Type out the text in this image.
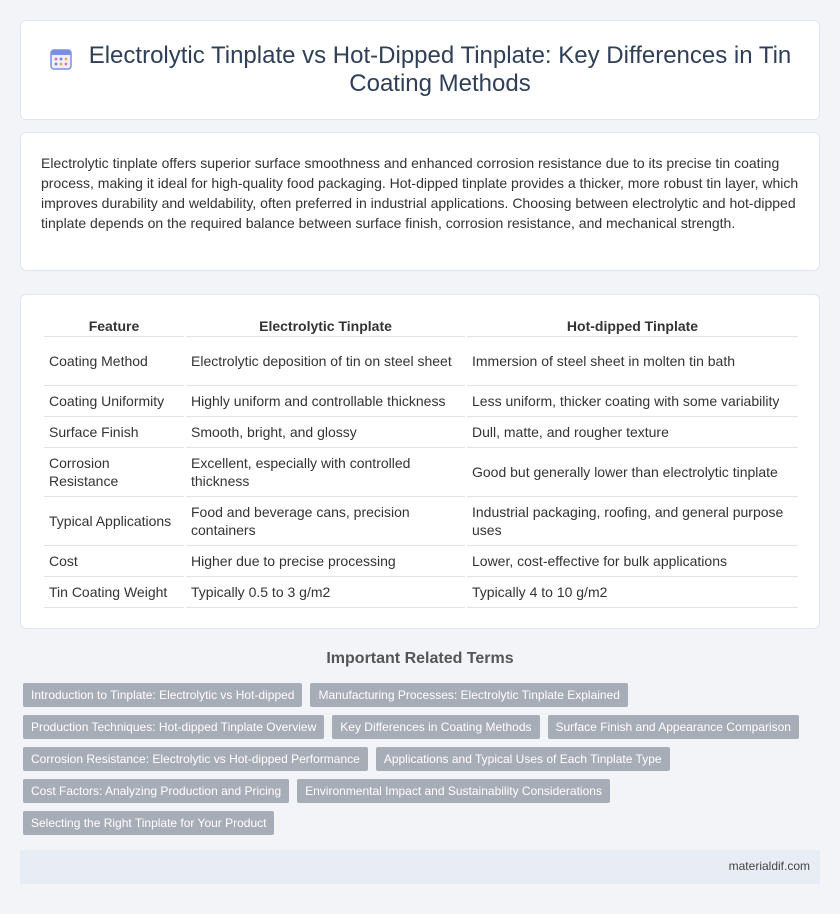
Electrolytic Tinplate vs Hot-Dipped Tinplate: Key Differences in Tin Coating Methods

Electrolytic tinplate offers superior surface smoothness and enhanced corrosion resistance due to its precise tin coating process, making it ideal for high-quality food packaging. Hot-dipped tinplate provides a thicker, more robust tin layer, which improves durability and weldability, often preferred in industrial applications. Choosing between electrolytic and hot-dipped tinplate depends on the required balance between surface finish, corrosion resistance, and mechanical strength.

Feature	Electrolytic Tinplate	Hot-dipped Tinplate
Coating Method	Electrolytic deposition of tin on steel sheet	Immersion of steel sheet in molten tin bath
Coating Uniformity	Highly uniform and controllable thickness	Less uniform, thicker coating with some variability
Surface Finish	Smooth, bright, and glossy	Dull, matte, and rougher texture
Corrosion Resistance	Excellent, especially with controlled thickness	Good but generally lower than electrolytic tinplate
Typical Applications	Food and beverage cans, precision containers	Industrial packaging, roofing, and general purpose uses
Cost	Higher due to precise processing	Lower, cost-effective for bulk applications
Tin Coating Weight	Typically 0.5 to 3 g/m2	Typically 4 to 10 g/m2
Important Related Terms
Introduction to Tinplate: Electrolytic vs Hot-dipped	Manufacturing Processes: Electrolytic Tinplate Explained
Production Techniques: Hot-dipped Tinplate Overview	Key Differences in Coating Methods	Surface Finish and Appearance Comparison
Corrosion Resistance: Electrolytic vs Hot-dipped Performance	Applications and Typical Uses of Each Tinplate Type
Cost Factors: Analyzing Production and Pricing	Environmental Impact and Sustainability Considerations
Selecting the Right Tinplate for Your Product
materialdif.com
